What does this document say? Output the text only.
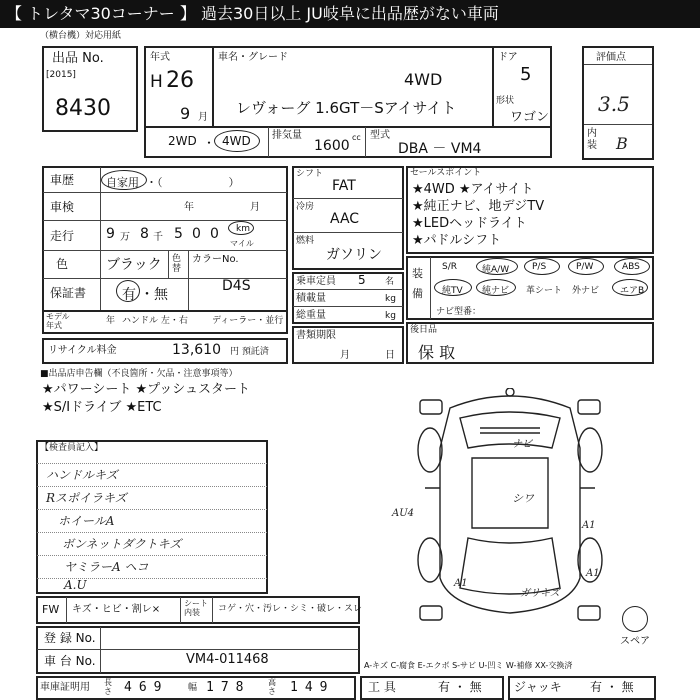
【 トレタマ30コーナー 】 過去30日以上 JU岐阜に出品歴がない車両
（横台機）対応用紙
出品 No.
[2015]
8430
年式
H 26
9 月
車名・グレード
4WD
レヴォーグ 1.6GT－Sアイサイト
ドア
5
形状
ワゴン
評価点
3.5
内装 B
2WD ・ 4WD 排気量
1600
cc 型式
DBA － VM4
車歴	自家用 ・（　　　　　　）
車検	年	月
走行 9 万 8 千 5 0 0 km
マイル
色	ブラック 色替
カラーNo.
D4S
保証書	有 ・無
モデル年式	年 ハンドル 左・右	ディーラー・並行
リサイクル料金	13,610 円 預託済
シフト
FAT
冷房
AAC
燃料
ガソリン
乗車定員 5 名
積載量	kg
総重量	kg
書類期限
月	日
セールスポイント
★4WD ★アイサイト
★純正ナビ、地デジTV
★LEDヘッドライト
★パドルシフト
装備
S/R	純A/W	P/S	P/W	ABS
純TV 純ナビ 革シート 外ナビ エアB
ナビ型番：
後日品
保 取
■出品店申告欄（不良箇所・欠品・注意事項等）
★パワーシート ★プッシュスタート
★S/Iドライブ ★ETC
【検査員記入】
ハンドルキズ
Rスポイラキズ
ホイールA
ボンネットダクトキズ
ヤミラーA ヘコ
A.U
ナビ
シワ
AU4
A1
A1
A1
ガリキズ
スペア
FW キズ・ヒビ・割レ×
シート内装	コゲ・穴・汚レ・シミ・破レ・スレ
登 録 No.
車 台 No.	VM4-011468	A-キズ C-腐食 E-エクボ S-サビ U-凹ミ W-補修 XX-交換済
車庫証明用 長さ 469 幅 178 高さ 149	工 具	有 ・ 無	ジャッキ 有 ・ 無
